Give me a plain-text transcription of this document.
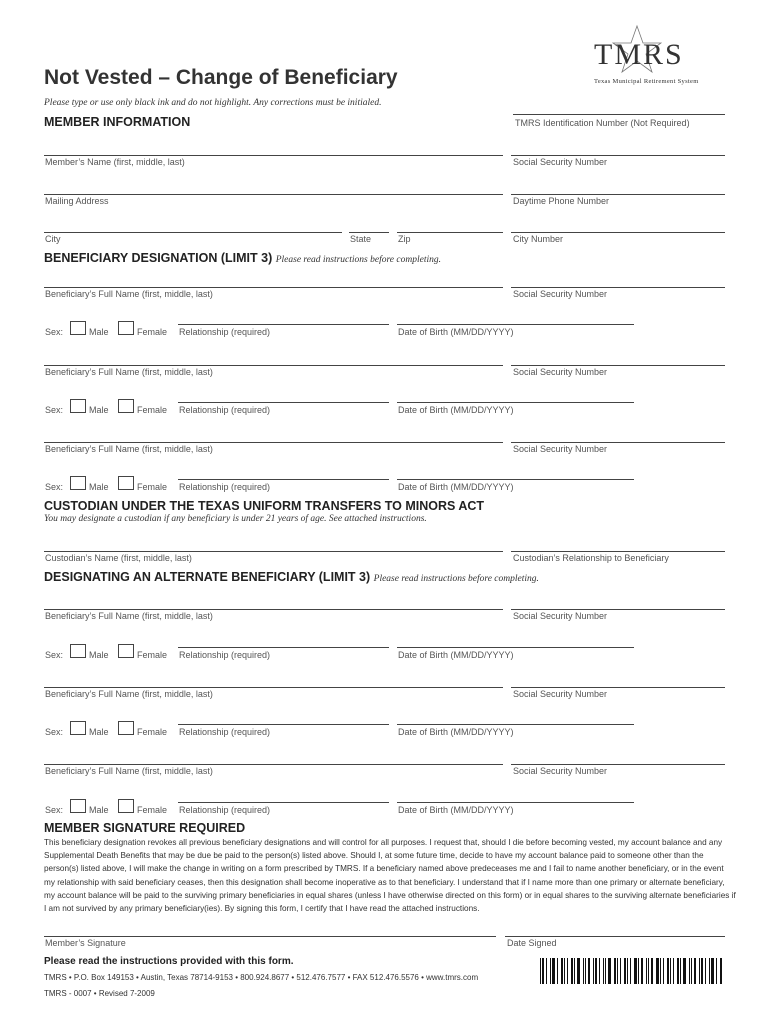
Not Vested – Change of Beneficiary
Please type or use only black ink and do not highlight. Any corrections must be initialed.
TMRS
Texas Municipal Retirement System
MEMBER INFORMATION	TMRS Identification Number (Not Required)
Member’s Name (first, middle, last)	Social Security Number
Mailing Address	Daytime Phone Number
City	State	Zip	City Number
BENEFICIARY DESIGNATION (LIMIT 3) Please read instructions before completing.
Beneficiary’s Full Name (first, middle, last)	Social Security Number
Sex:	Male	Female Relationship (required)	Date of Birth (MM/DD/YYYY)
Beneficiary’s Full Name (first, middle, last)	Social Security Number
Sex:	Male	Female Relationship (required)	Date of Birth (MM/DD/YYYY)
Beneficiary’s Full Name (first, middle, last)	Social Security Number
Sex:	Male	Female Relationship (required)	Date of Birth (MM/DD/YYYY)
CUSTODIAN UNDER THE TEXAS UNIFORM TRANSFERS TO MINORS ACT
You may designate a custodian if any beneficiary is under 21 years of age. See attached instructions.
Custodian’s Name (first, middle, last)	Custodian’s Relationship to Beneficiary
DESIGNATING AN ALTERNATE BENEFICIARY (LIMIT 3) Please read instructions before completing.
Beneficiary’s Full Name (first, middle, last)	Social Security Number
Sex:	Male	Female Relationship (required)	Date of Birth (MM/DD/YYYY)
Beneficiary’s Full Name (first, middle, last)	Social Security Number
Sex:	Male	Female Relationship (required)	Date of Birth (MM/DD/YYYY)
Beneficiary’s Full Name (first, middle, last)	Social Security Number
Sex:	Male	Female Relationship (required)	Date of Birth (MM/DD/YYYY)
MEMBER SIGNATURE REQUIRED
This beneficiary designation revokes all previous beneficiary designations and will control for all purposes. I request that, should I die before becoming vested, my account balance and any Supplemental Death Benefits that may be due be paid to the person(s) listed above. Should I, at some future time, decide to have my account balance paid to someone other than the person(s) listed above, I will make the change in writing on a form prescribed by TMRS. If a beneficiary named above predeceases me and I fail to name another beneficiary, or in the event my relationship with said beneficiary ceases, then this designation shall become inoperative as to that beneficiary. I understand that if I name more than one primary or alternate beneficiary, my account balance will be paid to the surviving primary beneficiaries in equal shares (unless I have otherwise directed on this form) or in equal shares to the surviving alternate beneficiaries if I am not survived by any primary beneficiary(ies). By signing this form, I certify that I have read the attached instructions.
Member’s Signature	Date Signed
Please read the instructions provided with this form.
TMRS • P.O. Box 149153 • Austin, Texas 78714-9153 • 800.924.8677 • 512.476.7577 • FAX 512.476.5576 • www.tmrs.com
TMRS - 0007 • Revised 7-2009
